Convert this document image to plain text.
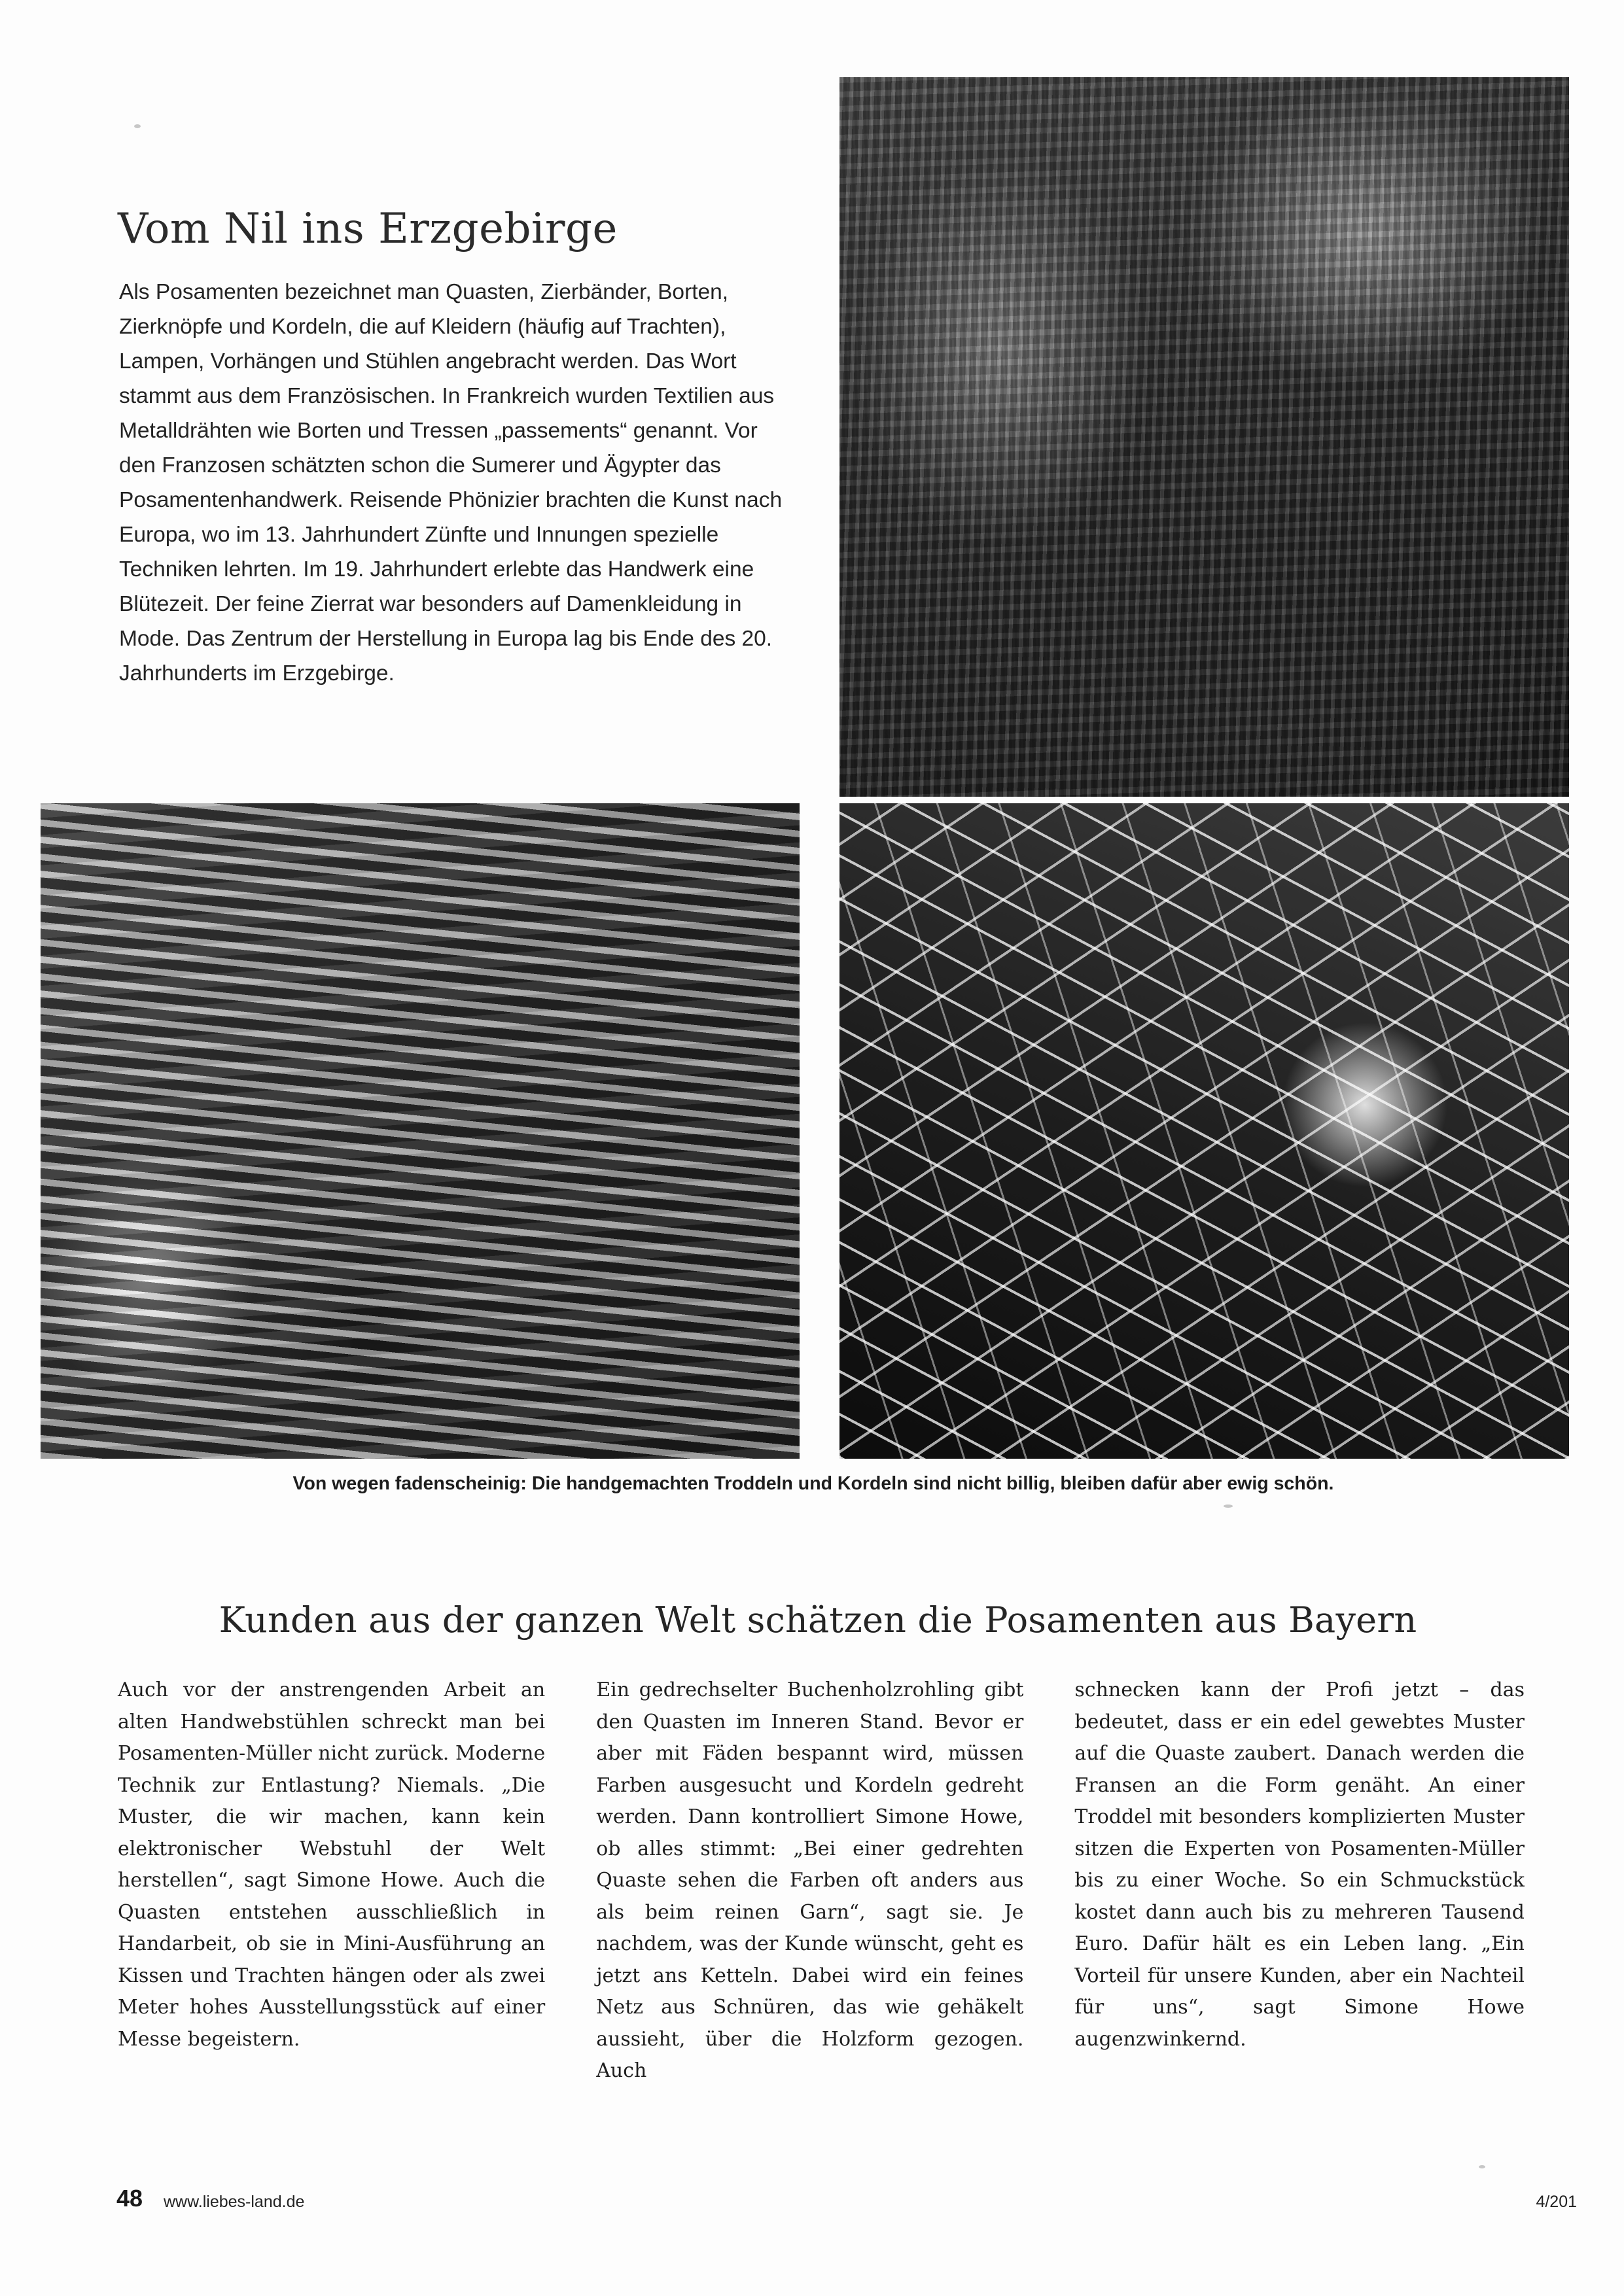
Vom Nil ins Erzgebirge
Als Posamenten bezeichnet man Quasten, Zierbänder, Borten, Zierknöpfe und Kordeln, die auf Kleidern (häufig auf Trachten), Lampen, Vorhängen und Stühlen angebracht werden. Das Wort stammt aus dem Französischen. In Frankreich wurden Textilien aus Metalldrähten wie Borten und Tressen „passements“ genannt. Vor den Franzosen schätzten schon die Sumerer und Ägypter das Posamentenhandwerk. Reisende Phönizier brachten die Kunst nach Europa, wo im 13. Jahrhundert Zünfte und Innungen spezielle Techniken lehrten. Im 19. Jahrhundert erlebte das Handwerk eine Blütezeit. Der feine Zierrat war besonders auf Damenkleidung in Mode. Das Zentrum der Herstellung in Europa lag bis Ende des 20. Jahrhunderts im Erzgebirge.
Von wegen fadenscheinig: Die handgemachten Troddeln und Kordeln sind nicht billig, bleiben dafür aber ewig schön.
Kunden aus der ganzen Welt schätzen die Posamenten aus Bayern
Auch vor der anstrengenden Arbeit an alten Handwebstühlen schreckt man bei Posamenten-Müller nicht zurück. Moderne Technik zur Entlastung? Niemals. „Die Muster, die wir machen, kann kein elektronischer Webstuhl der Welt herstellen“, sagt Simone Howe. Auch die Quasten entstehen ausschließlich in Handarbeit, ob sie in Mini-Ausführung an Kissen und Trachten hängen oder als zwei Meter hohes Ausstellungsstück auf einer Messe begeistern.
Ein gedrechselter Buchenholzrohling gibt den Quasten im Inneren Stand. Bevor er aber mit Fäden bespannt wird, müssen Farben ausgesucht und Kordeln gedreht werden. Dann kontrolliert Simone Howe, ob alles stimmt: „Bei einer gedrehten Quaste sehen die Farben oft anders aus als beim reinen Garn“, sagt sie. Je nachdem, was der Kunde wünscht, geht es jetzt ans Ketteln. Dabei wird ein feines Netz aus Schnüren, das wie gehäkelt aussieht, über die Holzform gezogen. Auch
schnecken kann der Profi jetzt – das bedeutet, dass er ein edel gewebtes Muster auf die Quaste zaubert. Danach werden die Fransen an die Form genäht. An einer Troddel mit besonders komplizierten Muster sitzen die Experten von Posamenten-Müller bis zu einer Woche. So ein Schmuckstück kostet dann auch bis zu mehreren Tausend Euro. Dafür hält es ein Leben lang. „Ein Vorteil für unsere Kunden, aber ein Nachteil für uns“, sagt Simone Howe augenzwinkernd.
48 www.liebes-land.de	4/201
